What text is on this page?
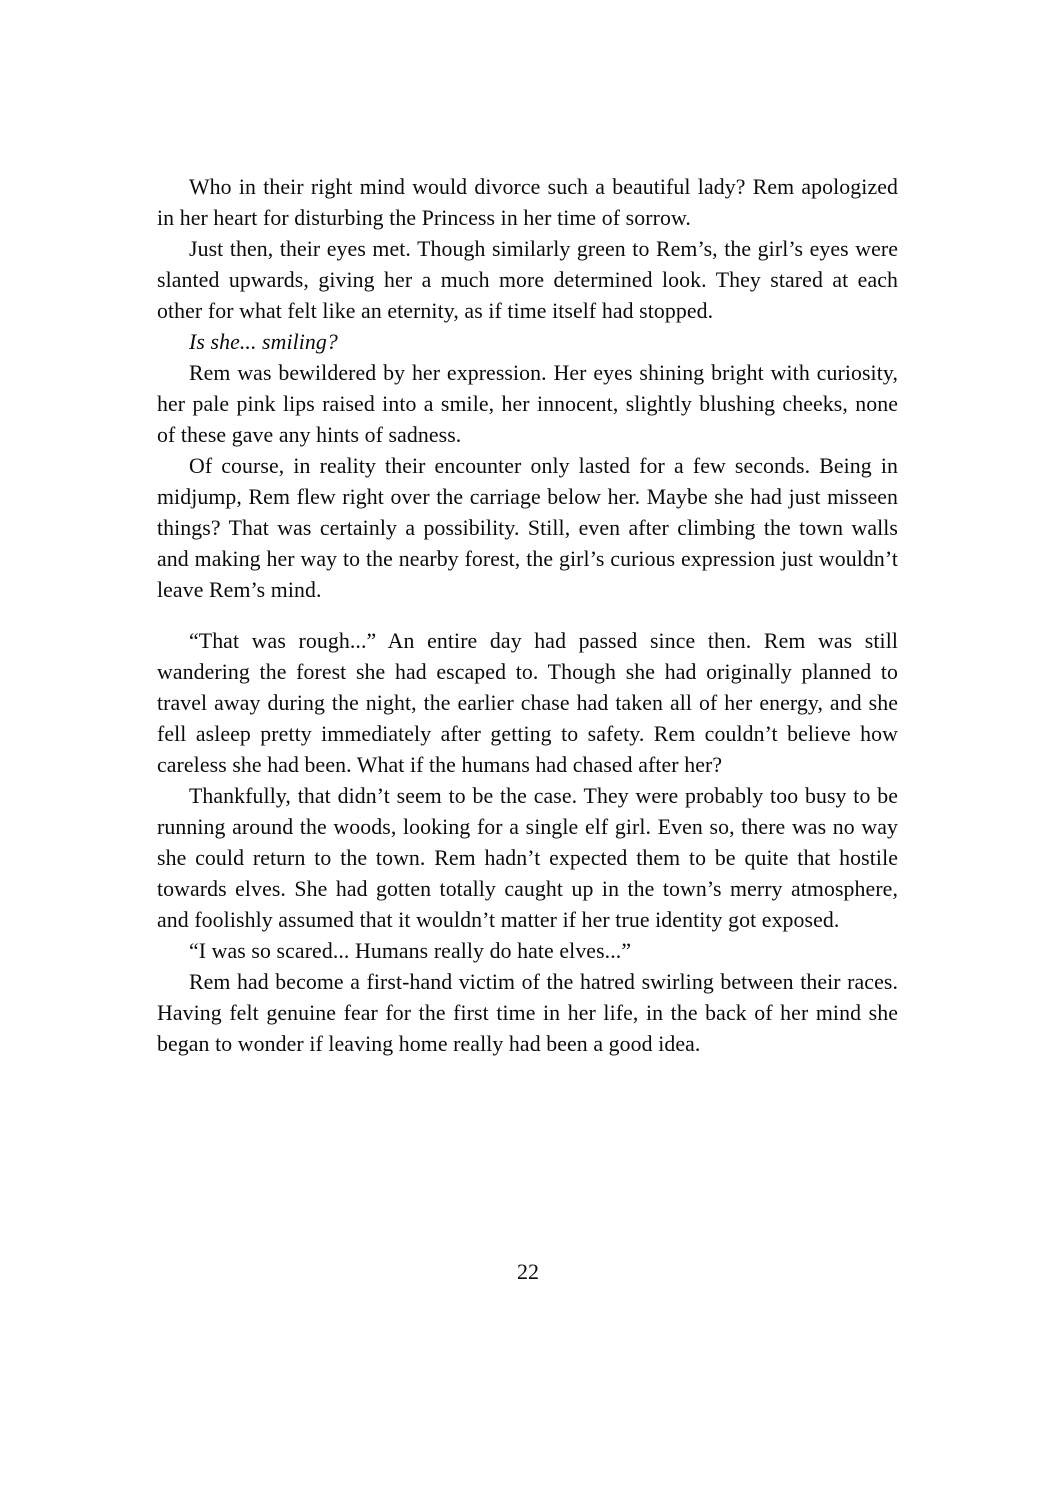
Who in their right mind would divorce such a beautiful lady? Rem apologized in her heart for disturbing the Princess in her time of sorrow.

Just then, their eyes met. Though similarly green to Rem’s, the girl’s eyes were slanted upwards, giving her a much more determined look. They stared at each other for what felt like an eternity, as if time itself had stopped.

Is she... smiling?

Rem was bewildered by her expression. Her eyes shining bright with curiosity, her pale pink lips raised into a smile, her innocent, slightly blushing cheeks, none of these gave any hints of sadness.

Of course, in reality their encounter only lasted for a few seconds. Being in midjump, Rem flew right over the carriage below her. Maybe she had just misseen things? That was certainly a possibility. Still, even after climbing the town walls and making her way to the nearby forest, the girl’s curious expression just wouldn’t leave Rem’s mind.

“That was rough...” An entire day had passed since then. Rem was still wandering the forest she had escaped to. Though she had originally planned to travel away during the night, the earlier chase had taken all of her energy, and she fell asleep pretty immediately after getting to safety. Rem couldn’t believe how careless she had been. What if the humans had chased after her?

Thankfully, that didn’t seem to be the case. They were probably too busy to be running around the woods, looking for a single elf girl. Even so, there was no way she could return to the town. Rem hadn’t expected them to be quite that hostile towards elves. She had gotten totally caught up in the town’s merry atmosphere, and foolishly assumed that it wouldn’t matter if her true identity got exposed.

“I was so scared... Humans really do hate elves...”

Rem had become a first-hand victim of the hatred swirling between their races. Having felt genuine fear for the first time in her life, in the back of her mind she began to wonder if leaving home really had been a good idea.

22
